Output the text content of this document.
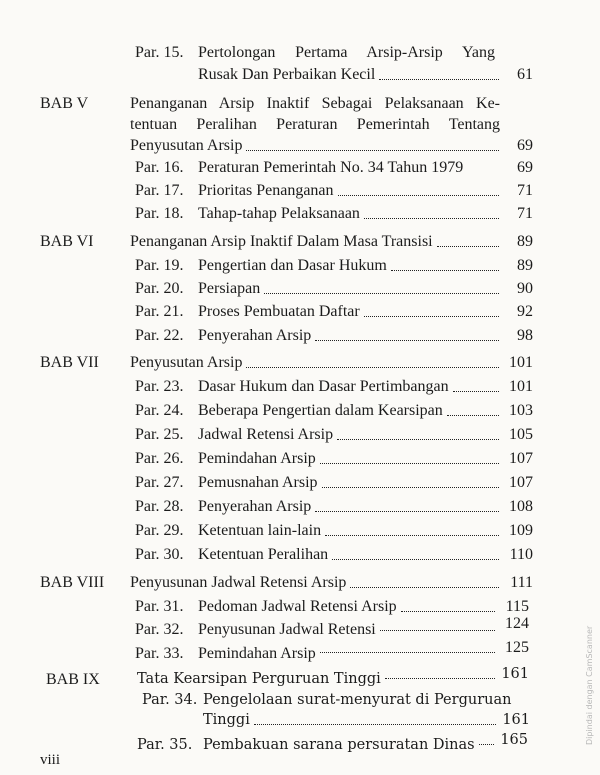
Par. 15. Pertolongan Pertama Arsip-Arsip Yang
Rusak Dan Perbaikan Kecil	61
BAB V	Penanganan Arsip Inaktif Sebagai Pelaksanaan Ke-
tentuan Peralihan Peraturan Pemerintah Tentang
Penyusutan Arsip	69
Par. 16. Peraturan Pemerintah No. 34 Tahun 1979	69
Par. 17. Prioritas Penanganan	71
Par. 18. Tahap-tahap Pelaksanaan	71
BAB VI	Penanganan Arsip Inaktif Dalam Masa Transisi	89
Par. 19. Pengertian dan Dasar Hukum	89
Par. 20. Persiapan	90
Par. 21. Proses Pembuatan Daftar	92
Par. 22. Penyerahan Arsip	98
BAB VII	Penyusutan Arsip	101
Par. 23. Dasar Hukum dan Dasar Pertimbangan	101
Par. 24. Beberapa Pengertian dalam Kearsipan	103
Par. 25. Jadwal Retensi Arsip	105
Par. 26. Pemindahan Arsip	107
Par. 27. Pemusnahan Arsip	107
Par. 28. Penyerahan Arsip	108
Par. 29. Ketentuan lain-lain	109
Par. 30. Ketentuan Peralihan	110
BAB VIII	Penyusunan Jadwal Retensi Arsip	111
Par. 31. Pedoman Jadwal Retensi Arsip	115
Par. 32. Penyusunan Jadwal Retensi	124
Par. 33. Pemindahan Arsip	125
BAB IX	Tata Kearsipan Perguruan Tinggi	161
Par. 34. Pengelolaan surat-menyurat di Perguruan
Tinggi	161
Par. 35. Pembakuan sarana persuratan Dinas 165
viii
Dipindai dengan CamScanner
